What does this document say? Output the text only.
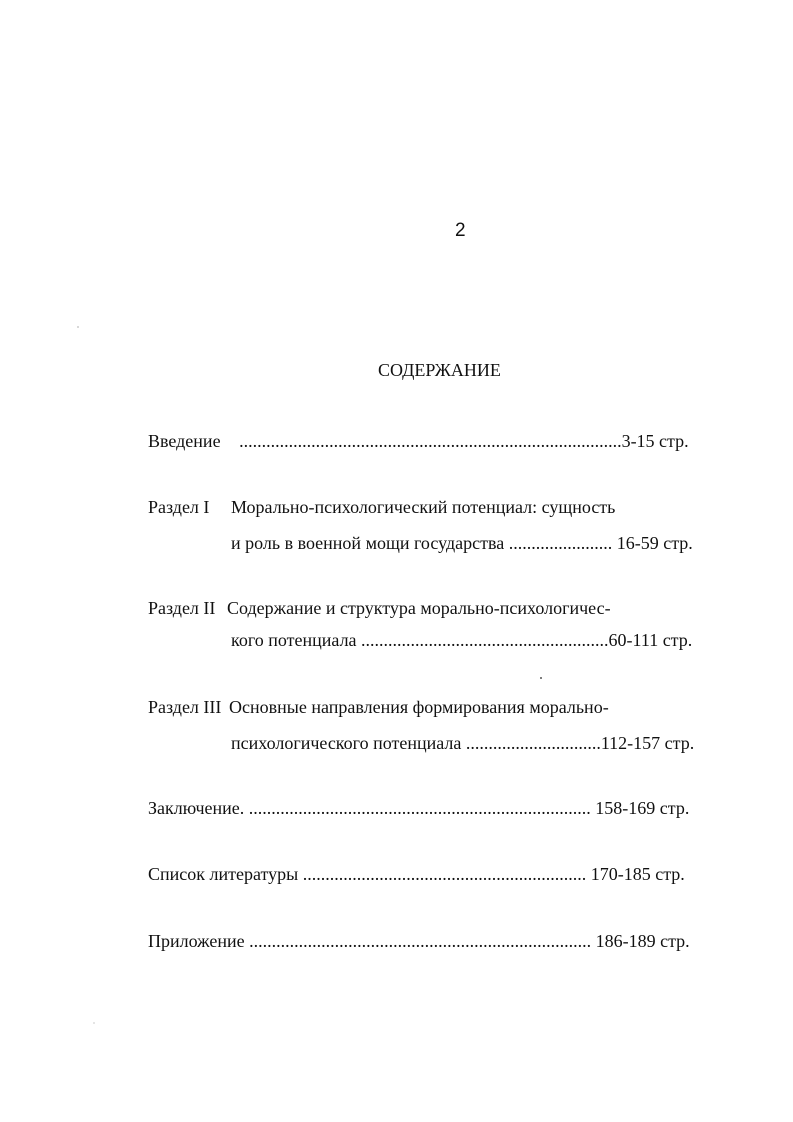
2
СОДЕРЖАНИЕ
Введение .....................................................................................3-15 стр.
Раздел I Морально-психологический потенциал: сущность
и роль в военной мощи государства ....................... 16-59 стр.
Раздел II Содержание и структура морально-психологичес-
кого потенциала .......................................................60-111 стр.
Раздел III Основные направления формирования морально-
психологического потенциала ..............................112-157 стр.
Заключение. ............................................................................ 158-169 стр.
Список литературы ............................................................... 170-185 стр.
Приложение ............................................................................ 186-189 стр.
